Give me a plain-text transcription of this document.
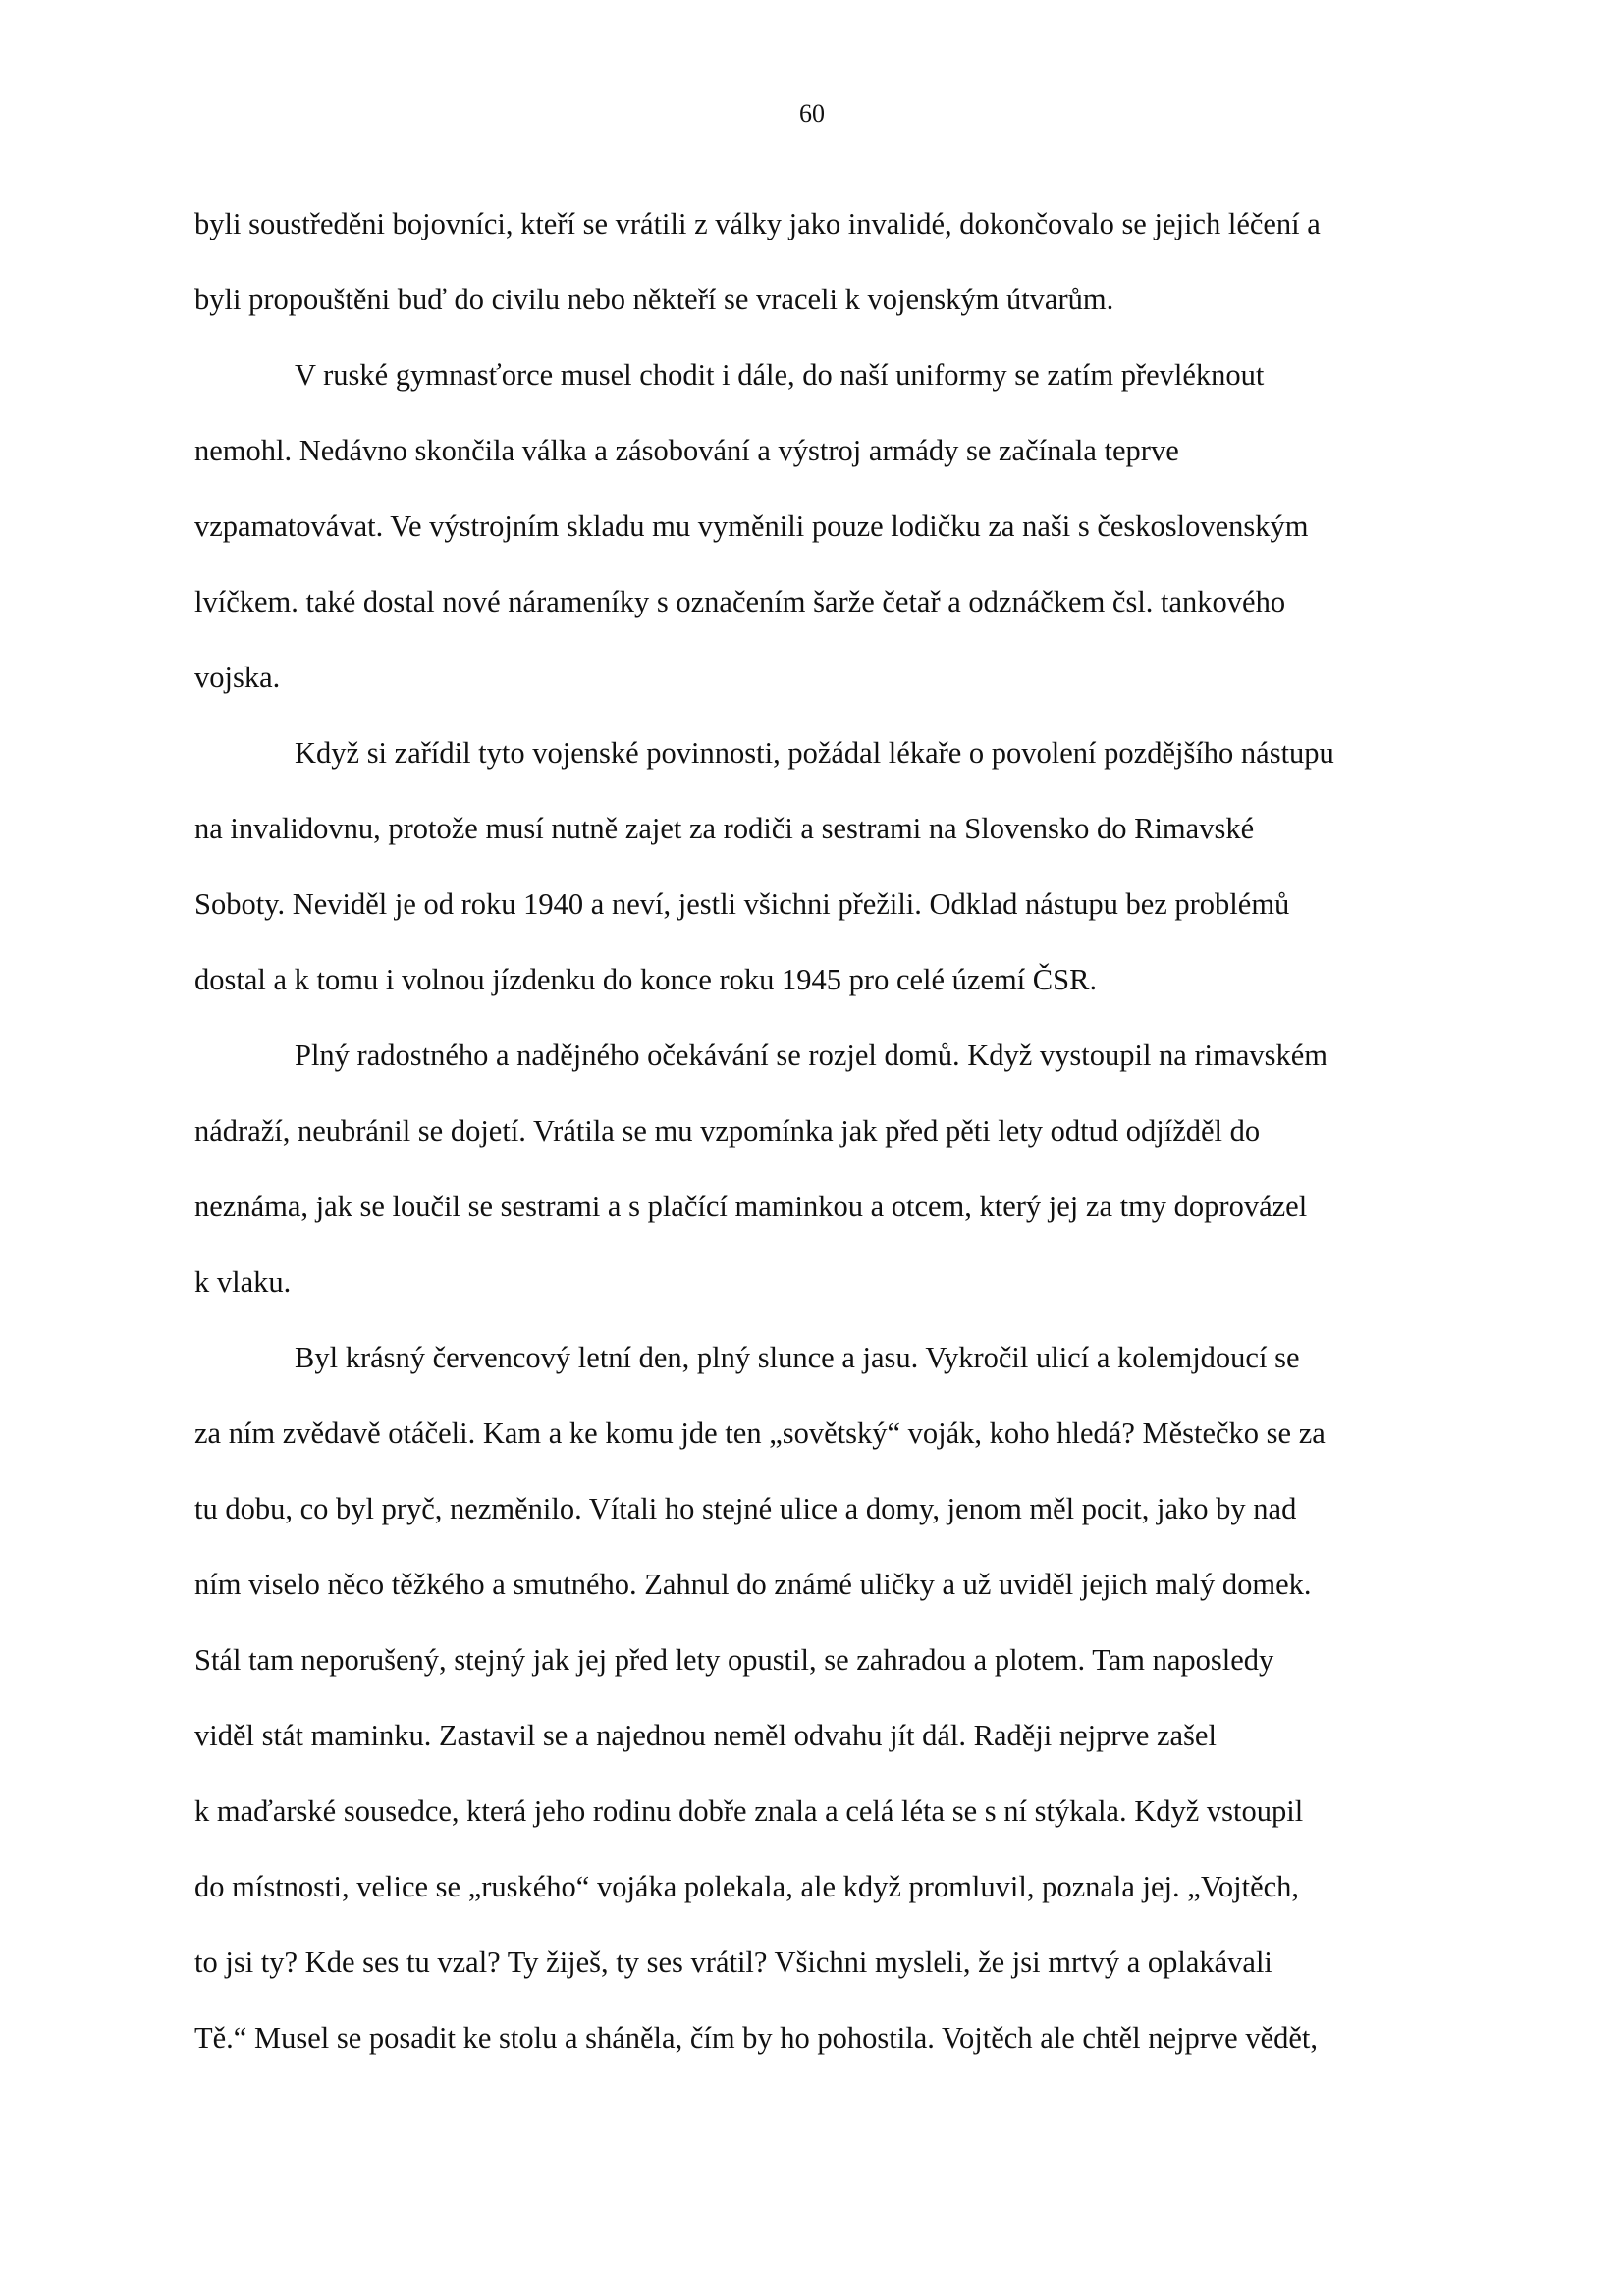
60
byli soustředěni bojovníci, kteří se vrátili z války jako invalidé, dokončovalo se jejich léčení a
byli propouštěni buď do civilu nebo někteří se vraceli k vojenským útvarům.
V ruské gymnasťorce musel chodit i dále, do naší uniformy se zatím převléknout
nemohl. Nedávno skončila válka a zásobování a výstroj armády se začínala teprve
vzpamatovávat. Ve výstrojním skladu mu vyměnili pouze lodičku za naši s československým
lvíčkem. také dostal nové nárameníky s označením šarže četař a odznáčkem čsl. tankového
vojska.
Když si zařídil tyto vojenské povinnosti, požádal lékaře o povolení pozdějšího nástupu
na invalidovnu, protože musí nutně zajet za rodiči a sestrami na Slovensko do Rimavské
Soboty. Neviděl je od roku 1940 a neví, jestli všichni přežili. Odklad nástupu bez problémů
dostal a k tomu i volnou jízdenku do konce roku 1945 pro celé území ČSR.
Plný radostného a nadějného očekávání se rozjel domů. Když vystoupil na rimavském
nádraží, neubránil se dojetí. Vrátila se mu vzpomínka jak před pěti lety odtud odjížděl do
neznáma, jak se loučil se sestrami a s plačící maminkou a otcem, který jej za tmy doprovázel
k vlaku.
Byl krásný červencový letní den, plný slunce a jasu. Vykročil ulicí a kolemjdoucí se
za ním zvědavě otáčeli. Kam a ke komu jde ten „sovětský“ voják, koho hledá? Městečko se za
tu dobu, co byl pryč, nezměnilo. Vítali ho stejné ulice a domy, jenom měl pocit, jako by nad
ním viselo něco těžkého a smutného. Zahnul do známé uličky a už uviděl jejich malý domek.
Stál tam neporušený, stejný jak jej před lety opustil, se zahradou a plotem. Tam naposledy
viděl stát maminku. Zastavil se a najednou neměl odvahu jít dál. Raději nejprve zašel
k maďarské sousedce, která jeho rodinu dobře znala a celá léta se s ní stýkala. Když vstoupil
do místnosti, velice se „ruského“ vojáka polekala, ale když promluvil, poznala jej. „Vojtěch,
to jsi ty? Kde ses tu vzal? Ty žiješ, ty ses vrátil? Všichni mysleli, že jsi mrtvý a oplakávali
Tě.“ Musel se posadit ke stolu a sháněla, čím by ho pohostila. Vojtěch ale chtěl nejprve vědět,
